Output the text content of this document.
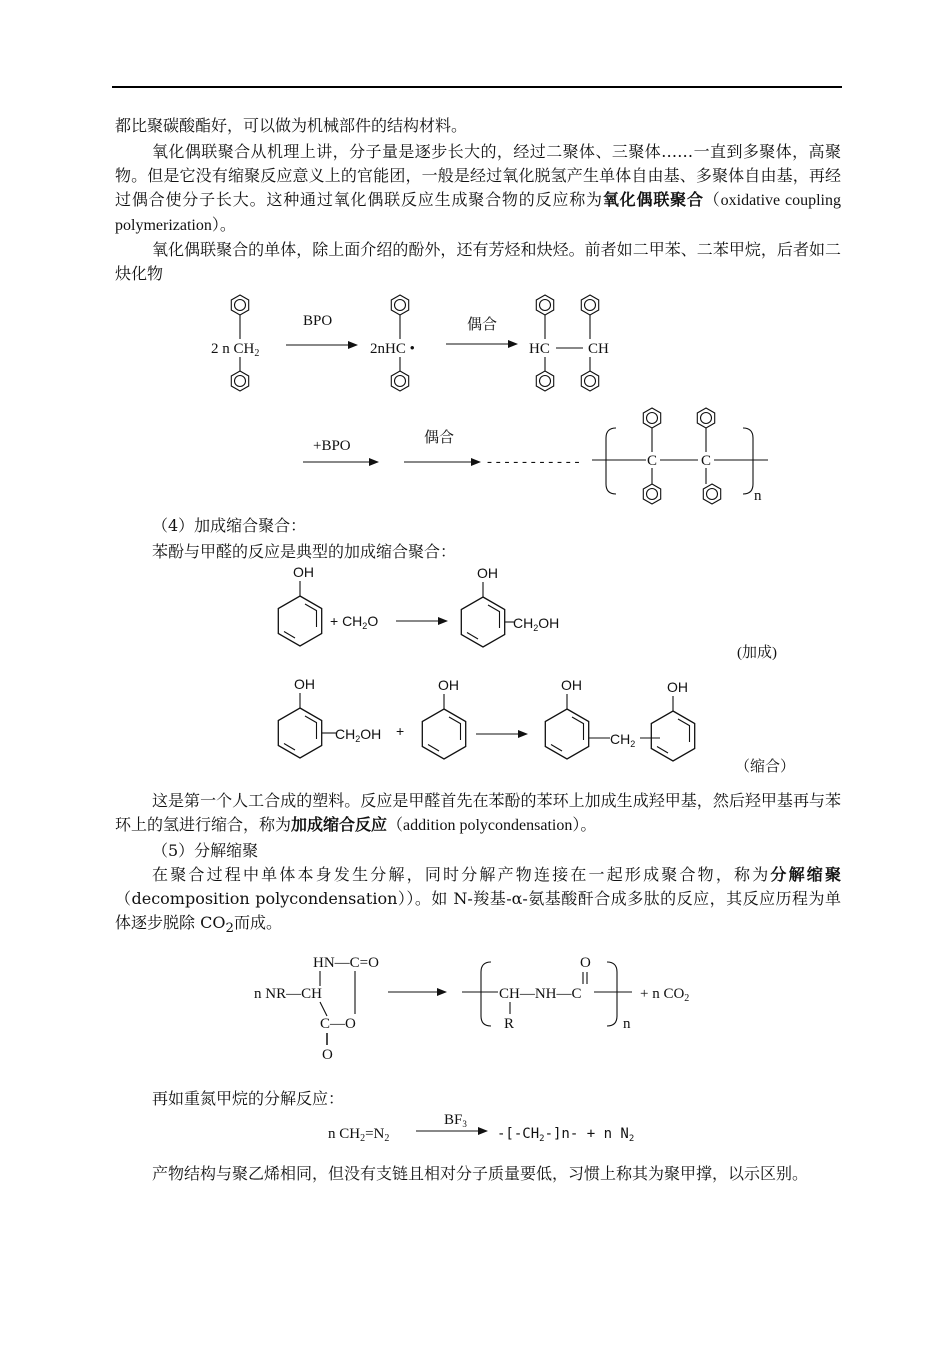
都比聚碳酸酯好，可以做为机械部件的结构材料。
氧化偶联聚合从机理上讲，分子量是逐步长大的，经过二聚体、三聚体……一直到多聚体，高聚物。但是它没有缩聚反应意义上的官能团，一般是经过氧化脱氢产生单体自由基、多聚体自由基，再经过偶合使分子长大。这种通过氧化偶联反应生成聚合物的反应称为氧化偶联聚合（oxidative coupling polymerization）。
氧化偶联聚合的单体，除上面介绍的酚外，还有芳烃和炔烃。前者如二甲苯、二苯甲烷，后者如二炔化物
（4）加成缩合聚合：
苯酚与甲醛的反应是典型的加成缩合聚合：
这是第一个人工合成的塑料。反应是甲醛首先在苯酚的苯环上加成生成羟甲基，然后羟甲基再与苯环上的氢进行缩合，称为加成缩合反应（addition polycondensation）。
（5）分解缩聚
在聚合过程中单体本身发生分解，同时分解产物连接在一起形成聚合物，称为分解缩聚（decomposition polycondensation））。如 N-羧基-α-氨基酸酐合成多肽的反应，其反应历程为单体逐步脱除 $CO_2$而成。
再如重氮甲烷的分解反应：
产物结构与聚乙烯相同，但没有支链且相对分子质量要低，习惯上称其为聚甲撑，以示区别。
2 n $CH_2$
BPO
2nHC •
偶合
HC	CH
+BPO	偶合
- - - - - - - - - - -	C	C
n
OH
+ $CH_2O$
OH
$CH_2OH$
(加成)
OH
$CH_2OH$ +
OH	OH
$CH_2$
OH
（缩合）
HN—C=O
n NR—CH
C—O
O
O
CH—NH—C
R	n
+ n $CO_2$
n $CH_2=N_2$
$BF_3$
$-[-CH_2-]n- + n$ $N_2$
